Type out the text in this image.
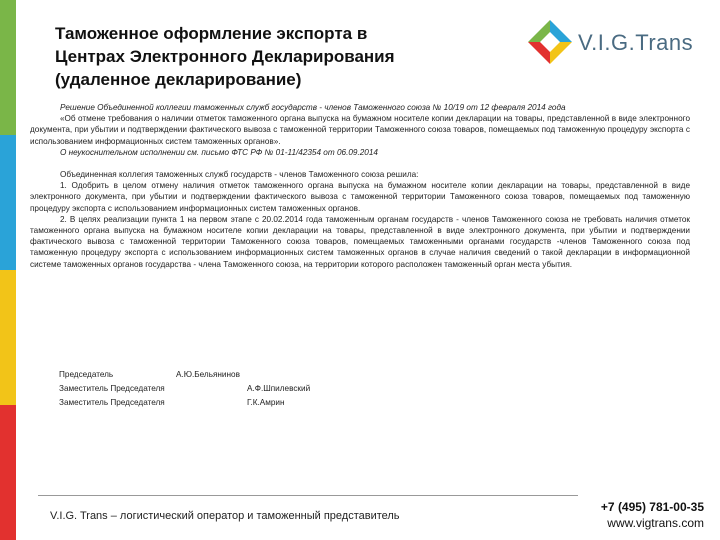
Таможенное оформление экспорта в
Центрах Электронного Декларирования
(удаленное декларирование)
V.I.G.Trans

Решение Объединенной коллегии таможенных служб государств - членов Таможенного союза № 10/19 от 12 февраля 2014 года

«Об отмене требования о наличии отметок таможенного органа выпуска на бумажном носителе копии декларации на товары, представленной в виде электронного документа, при убытии и подтверждении фактического вывоза с таможенной территории Таможенного союза товаров, помещаемых под таможенную процедуру экспорта с использованием информационных систем таможенных органов».

О неукоснительном исполнении см. письмо ФТС РФ № 01-11/42354 от 06.09.2014

Объединенная коллегия таможенных служб государств - членов Таможенного союза решила:

1. Одобрить в целом отмену наличия отметок таможенного органа выпуска на бумажном носителе копии декларации на товары, представленной в виде электронного документа, при убытии и подтверждении фактического вывоза с таможенной территории Таможенного союза товаров, помещаемых под таможенную процедуру экспорта с использованием информационных систем таможенных органов.

2. В целях реализации пункта 1 на первом этапе с 20.02.2014 года таможенным органам государств - членов Таможенного союза не требовать наличия отметок таможенного органа выпуска на бумажном носителе копии декларации на товары, представленной в виде электронного документа, при убытии и подтверждении фактического вывоза с таможенной территории Таможенного союза товаров, помещаемых таможенными органами государств -членов Таможенного союза под таможенную процедуру экспорта с использованием информационных систем таможенных органов в случае наличия сведений о такой декларации в информационной системе таможенных органов государства - члена Таможенного союза, на территории которого расположен таможенный орган места убытия.

Председатель	А.Ю.Бельянинов
Заместитель Председателя	А.Ф.Шпилевский
Заместитель Председателя	Г.К.Амрин
V.I.G. Trans – логистический оператор и таможенный представитель
+7 (495) 781-00-35
www.vigtrans.com
